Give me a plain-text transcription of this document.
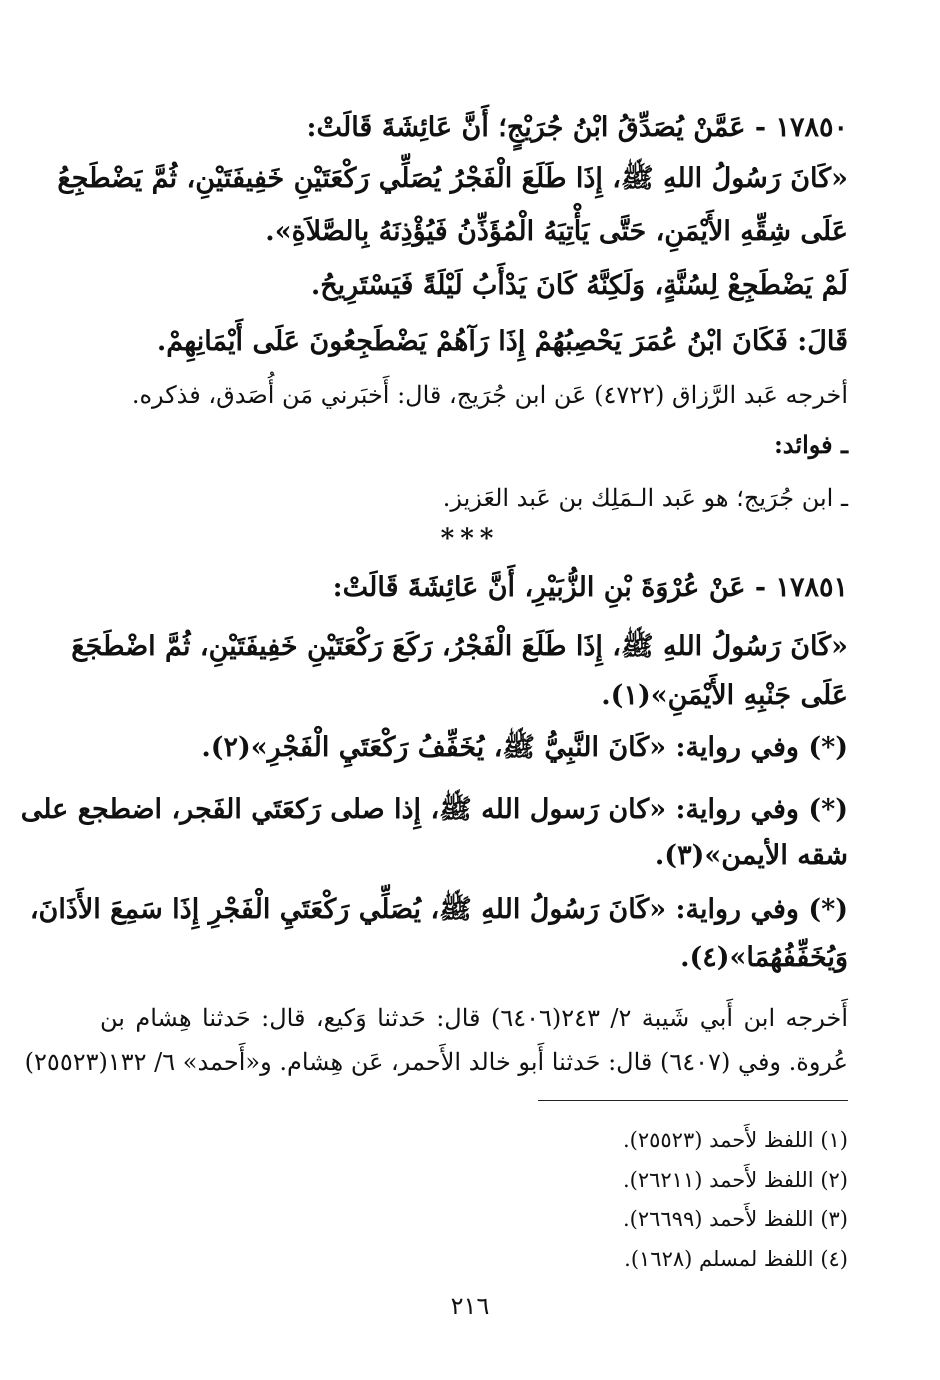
١٧٨٥٠ - عَمَّنْ يُصَدِّقُ ابْنُ جُرَيْجٍ؛ أَنَّ عَائِشَةَ قَالَتْ:
«كَانَ رَسُولُ اللهِ ﷺ، إِذَا طَلَعَ الْفَجْرُ يُصَلِّي رَكْعَتَيْنِ خَفِيفَتَيْنِ، ثُمَّ يَضْطَجِعُ
عَلَى شِقِّهِ الأَيْمَنِ، حَتَّى يَأْتِيَهُ الْمُؤَذِّنُ فَيُؤْذِنَهُ بِالصَّلاَةِ».
لَمْ يَضْطَجِعْ لِسُنَّةٍ، وَلَكِنَّهُ كَانَ يَدْأَبُ لَيْلَةً فَيَسْتَرِيحُ.
قَالَ: فَكَانَ ابْنُ عُمَرَ يَحْصِبُهُمْ إِذَا رَآهُمْ يَضْطَجِعُونَ عَلَى أَيْمَانِهِمْ.
أخرجه عَبد الرَّزاق (٤٧٢٢) عَن ابن جُرَيج، قال: أَخبَرني مَن أُصَدق، فذكره.
ـ فوائد:
ـ ابن جُرَيج؛ هو عَبد الـمَلِك بن عَبد العَزيز.
***
١٧٨٥١ - عَنْ عُرْوَةَ بْنِ الزُّبَيْرِ، أَنَّ عَائِشَةَ قَالَتْ:
«كَانَ رَسُولُ اللهِ ﷺ، إِذَا طَلَعَ الْفَجْرُ، رَكَعَ رَكْعَتَيْنِ خَفِيفَتَيْنِ، ثُمَّ اضْطَجَعَ
عَلَى جَنْبِهِ الأَيْمَنِ»(١).
(*) وفي رواية: «كَانَ النَّبِيُّ ﷺ، يُخَفِّفُ رَكْعَتَيِ الْفَجْرِ»(٢).
(*) وفي رواية: «كان رَسول الله ﷺ، إِذا صلى رَكعَتَي الفَجر، اضطجع على
شقه الأيمن»(٣).
(*) وفي رواية: «كَانَ رَسُولُ اللهِ ﷺ، يُصَلِّي رَكْعَتَيِ الْفَجْرِ إِذَا سَمِعَ الأَذَانَ،
وَيُخَفِّفُهُمَا»(٤).
أَخرجه ابن أَبي شَيبة ٢/ ٢٤٣(٦٤٠٦) قال: حَدثنا وَكيع، قال: حَدثنا هِشام بن
عُروة. وفي (٦٤٠٧) قال: حَدثنا أَبو خالد الأَحمر، عَن هِشام. و«أَحمد» ٦/ ١٣٢(٢٥٥٢٣)
(١) اللفظ لأَحمد (٢٥٥٢٣).
(٢) اللفظ لأَحمد (٢٦٢١١).
(٣) اللفظ لأَحمد (٢٦٦٩٩).
(٤) اللفظ لمسلم (١٦٢٨).
٢١٦
